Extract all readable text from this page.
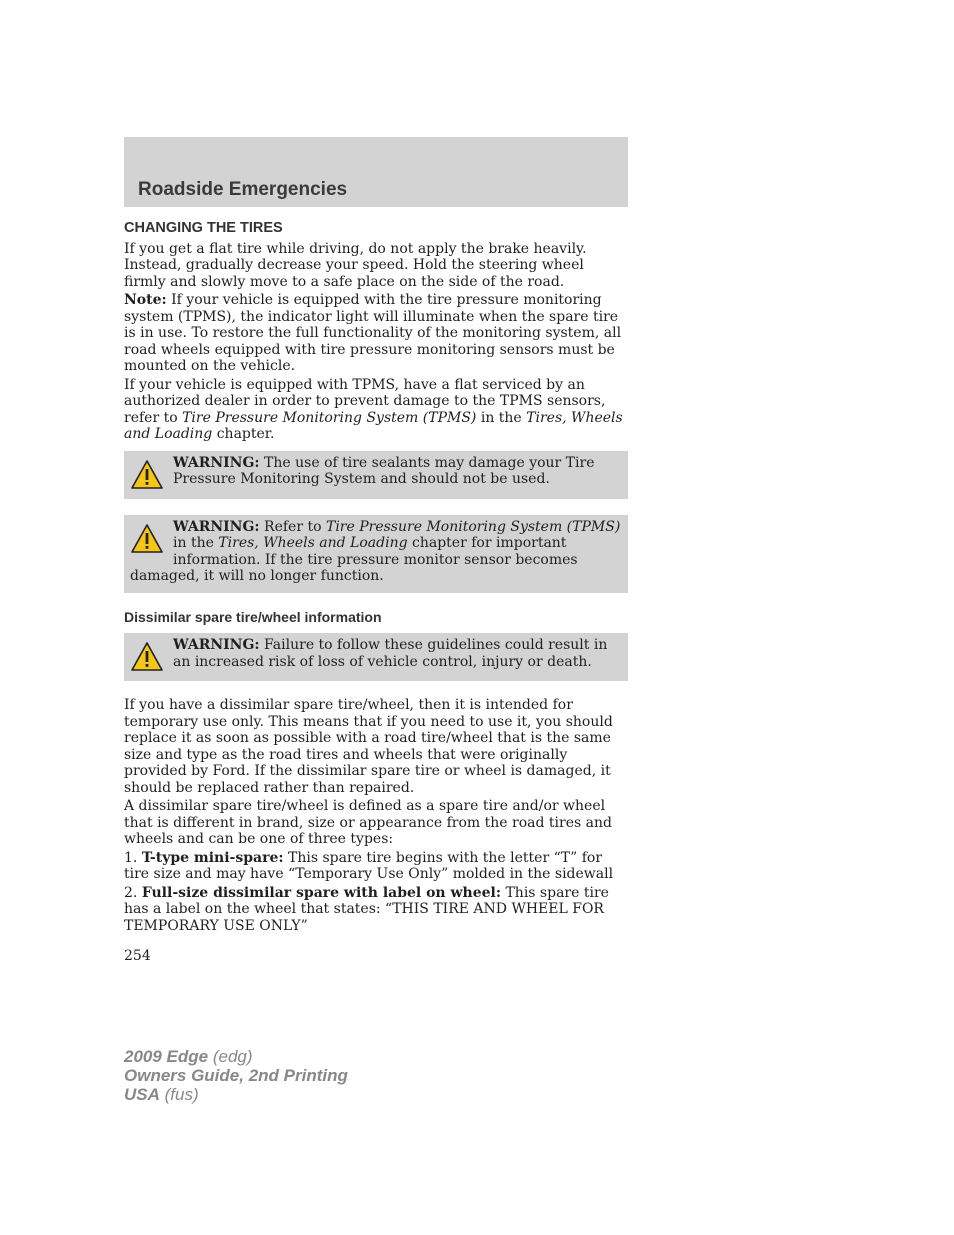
Roadside Emergencies
CHANGING THE TIRES

If you get a flat tire while driving, do not apply the brake heavily. Instead, gradually decrease your speed. Hold the steering wheel firmly and slowly move to a safe place on the side of the road.

Note: If your vehicle is equipped with the tire pressure monitoring system (TPMS), the indicator light will illuminate when the spare tire is in use. To restore the full functionality of the monitoring system, all road wheels equipped with tire pressure monitoring sensors must be mounted on the vehicle.

If your vehicle is equipped with TPMS, have a flat serviced by an authorized dealer in order to prevent damage to the TPMS sensors, refer to Tire Pressure Monitoring System (TPMS) in the Tires, Wheels and Loading chapter.

WARNING: The use of tire sealants may damage your Tire Pressure Monitoring System and should not be used.

WARNING: Refer to Tire Pressure Monitoring System (TPMS) in the Tires, Wheels and Loading chapter for important information. If the tire pressure monitor sensor becomes damaged, it will no longer function.

Dissimilar spare tire/wheel information

WARNING: Failure to follow these guidelines could result in an increased risk of loss of vehicle control, injury or death.

If you have a dissimilar spare tire/wheel, then it is intended for temporary use only. This means that if you need to use it, you should replace it as soon as possible with a road tire/wheel that is the same size and type as the road tires and wheels that were originally provided by Ford. If the dissimilar spare tire or wheel is damaged, it should be replaced rather than repaired.

A dissimilar spare tire/wheel is defined as a spare tire and/or wheel that is different in brand, size or appearance from the road tires and wheels and can be one of three types:

1. T-type mini-spare: This spare tire begins with the letter “T” for tire size and may have “Temporary Use Only” molded in the sidewall

2. Full-size dissimilar spare with label on wheel: This spare tire has a label on the wheel that states: “THIS TIRE AND WHEEL FOR TEMPORARY USE ONLY”

254
2009 Edge (edg)
Owners Guide, 2nd Printing
USA (fus)
